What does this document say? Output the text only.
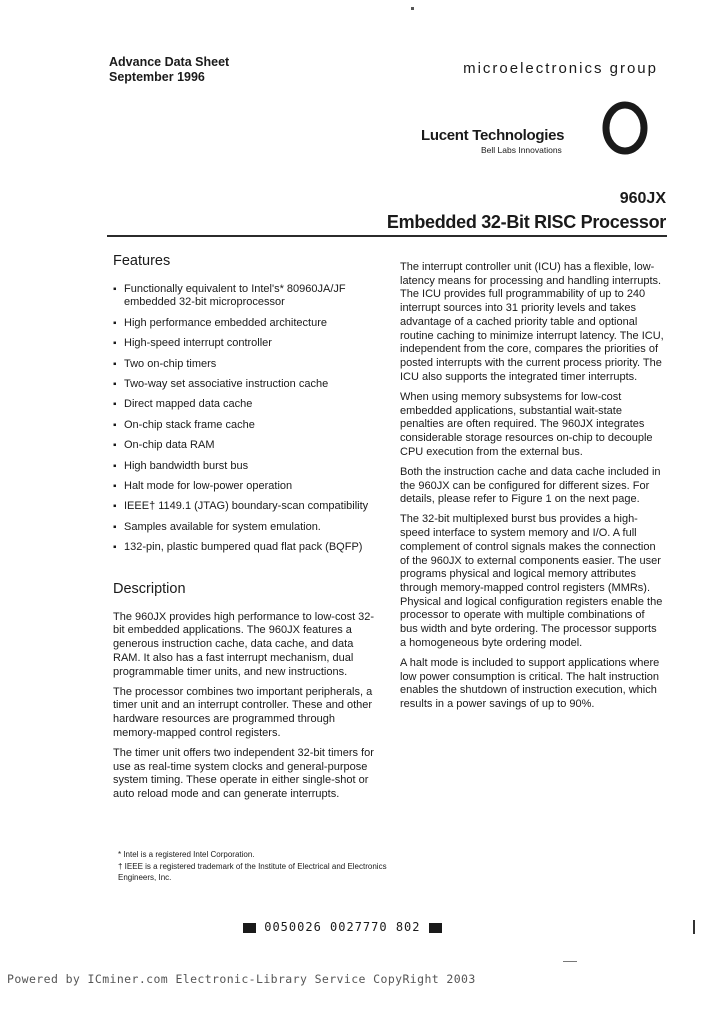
Advance Data Sheet
September 1996	microelectronics group
Lucent Technologies
Bell Labs Innovations
960JX
Embedded 32-Bit RISC Processor
Features
▪ Functionally equivalent to Intel's* 80960JA/JF embedded 32-bit microprocessor
▪ High performance embedded architecture
▪ High-speed interrupt controller
▪ Two on-chip timers
▪ Two-way set associative instruction cache
▪ Direct mapped data cache
▪ On-chip stack frame cache
▪ On-chip data RAM
▪ High bandwidth burst bus
▪ Halt mode for low-power operation
▪ IEEE† 1149.1 (JTAG) boundary-scan compatibility
▪ Samples available for system emulation.
▪ 132-pin, plastic bumpered quad flat pack (BQFP)
Description

The 960JX provides high performance to low-cost 32-bit embedded applications. The 960JX features a generous instruction cache, data cache, and data RAM. It also has a fast interrupt mechanism, dual programmable timer units, and new instructions.

The processor combines two important peripherals, a timer unit and an interrupt controller. These and other hardware resources are programmed through memory-mapped control registers.

The timer unit offers two independent 32-bit timers for use as real-time system clocks and general-purpose system timing. These operate in either single-shot or auto reload mode and can generate interrupts.

The interrupt controller unit (ICU) has a flexible, low-latency means for processing and handling interrupts. The ICU provides full programmability of up to 240 interrupt sources into 31 priority levels and takes advantage of a cached priority table and optional routine caching to minimize interrupt latency. The ICU, independent from the core, compares the priorities of posted interrupts with the current process priority. The ICU also supports the integrated timer interrupts.

When using memory subsystems for low-cost embedded applications, substantial wait-state penalties are often required. The 960JX integrates considerable storage resources on-chip to decouple CPU execution from the external bus.

Both the instruction cache and data cache included in the 960JX can be configured for different sizes. For details, please refer to Figure 1 on the next page.

The 32-bit multiplexed burst bus provides a high-speed interface to system memory and I/O. A full complement of control signals makes the connection of the 960JX to external components easier. The user programs physical and logical memory attributes through memory-mapped control registers (MMRs). Physical and logical configuration registers enable the processor to operate with multiple combinations of bus width and byte ordering. The processor supports a homogeneous byte ordering model.

A halt mode is included to support applications where low power consumption is critical. The halt instruction enables the shutdown of instruction execution, which results in a power savings of up to 90%.

* Intel is a registered Intel Corporation.
† IEEE is a registered trademark of the Institute of Electrical and Electronics Engineers, Inc.
0050026 0027770 802
Powered by ICminer.com Electronic-Library Service CopyRight 2003
